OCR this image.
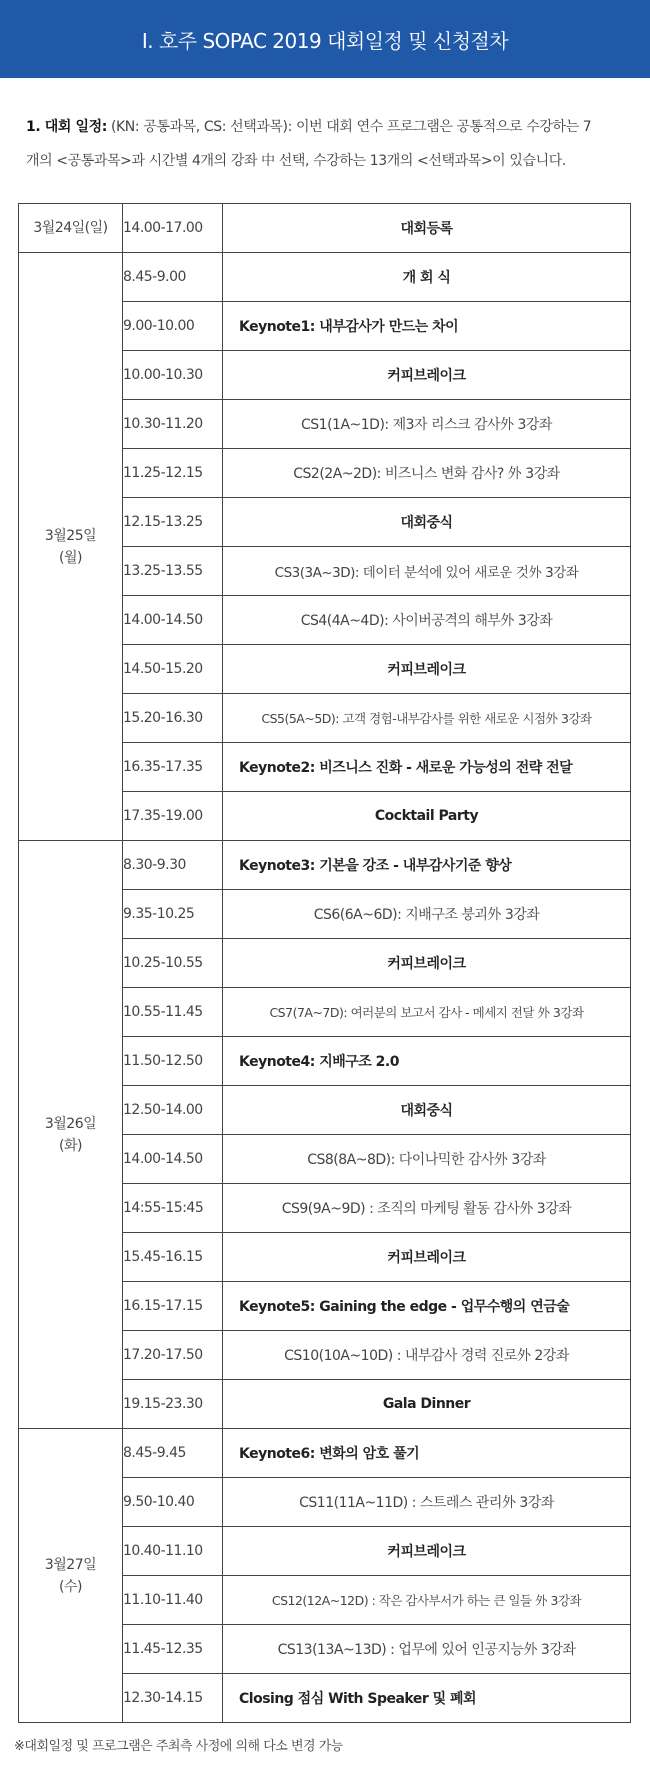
Ⅰ. 호주 SOPAC 2019 대회일정 및 신청절차
1. 대회 일정: (KN: 공통과목, CS: 선택과목): 이번 대회 연수 프로그램은 공통적으로 수강하는 7
개의 <공통과목>과 시간별 4개의 강좌 中 선택, 수강하는 13개의 <선택과목>이 있습니다.
3월24일(일)	14.00-17.00	대회등록

3월25일
(월)	8.45-9.00	개 회 식
	9.00-10.00	Keynote1: 내부감사가 만드는 차이
	10.00-10.30	커피브레이크
	10.30-11.20	CS1(1A~1D): 제3자 리스크 감사外 3강좌
	11.25-12.15	CS2(2A~2D): 비즈니스 변화 감사? 外 3강좌
	12.15-13.25	대회중식
	13.25-13.55	CS3(3A~3D): 데이터 분석에 있어 새로운 것外 3강좌
	14.00-14.50	CS4(4A~4D): 사이버공격의 해부外 3강좌
	14.50-15.20	커피브레이크
	15.20-16.30	CS5(5A~5D): 고객 경험-내부감사를 위한 새로운 시점外 3강좌
	16.35-17.35	Keynote2: 비즈니스 진화 - 새로운 가능성의 전략 전달
	17.35-19.00	Cocktail Party

3월26일
(화)	8.30-9.30	Keynote3: 기본을 강조 - 내부감사기준 향상
	9.35-10.25	CS6(6A~6D): 지배구조 붕괴外 3강좌
	10.25-10.55	커피브레이크
	10.55-11.45	CS7(7A~7D): 여러분의 보고서 감사 - 메세지 전달 外 3강좌
	11.50-12.50	Keynote4: 지배구조 2.0
	12.50-14.00	대회중식
	14.00-14.50	CS8(8A~8D): 다이나믹한 감사外 3강좌
	14:55-15:45	CS9(9A~9D) : 조직의 마케팅 활동 감사外 3강좌
	15.45-16.15	커피브레이크
	16.15-17.15	Keynote5: Gaining the edge - 업무수행의 연금술
	17.20-17.50	CS10(10A~10D) : 내부감사 경력 진로外 2강좌
	19.15-23.30	Gala Dinner

3월27일
(수)	8.45-9.45	Keynote6: 변화의 암호 풀기
	9.50-10.40	CS11(11A~11D) : 스트레스 관리外 3강좌
	10.40-11.10	커피브레이크
	11.10-11.40	CS12(12A~12D) : 작은 감사부서가 하는 큰 일들 外 3강좌
	11.45-12.35	CS13(13A~13D) : 업무에 있어 인공지능外 3강좌
	12.30-14.15	Closing 점심 With Speaker 및 폐회
※대회일정 및 프로그램은 주최측 사정에 의해 다소 변경 가능
